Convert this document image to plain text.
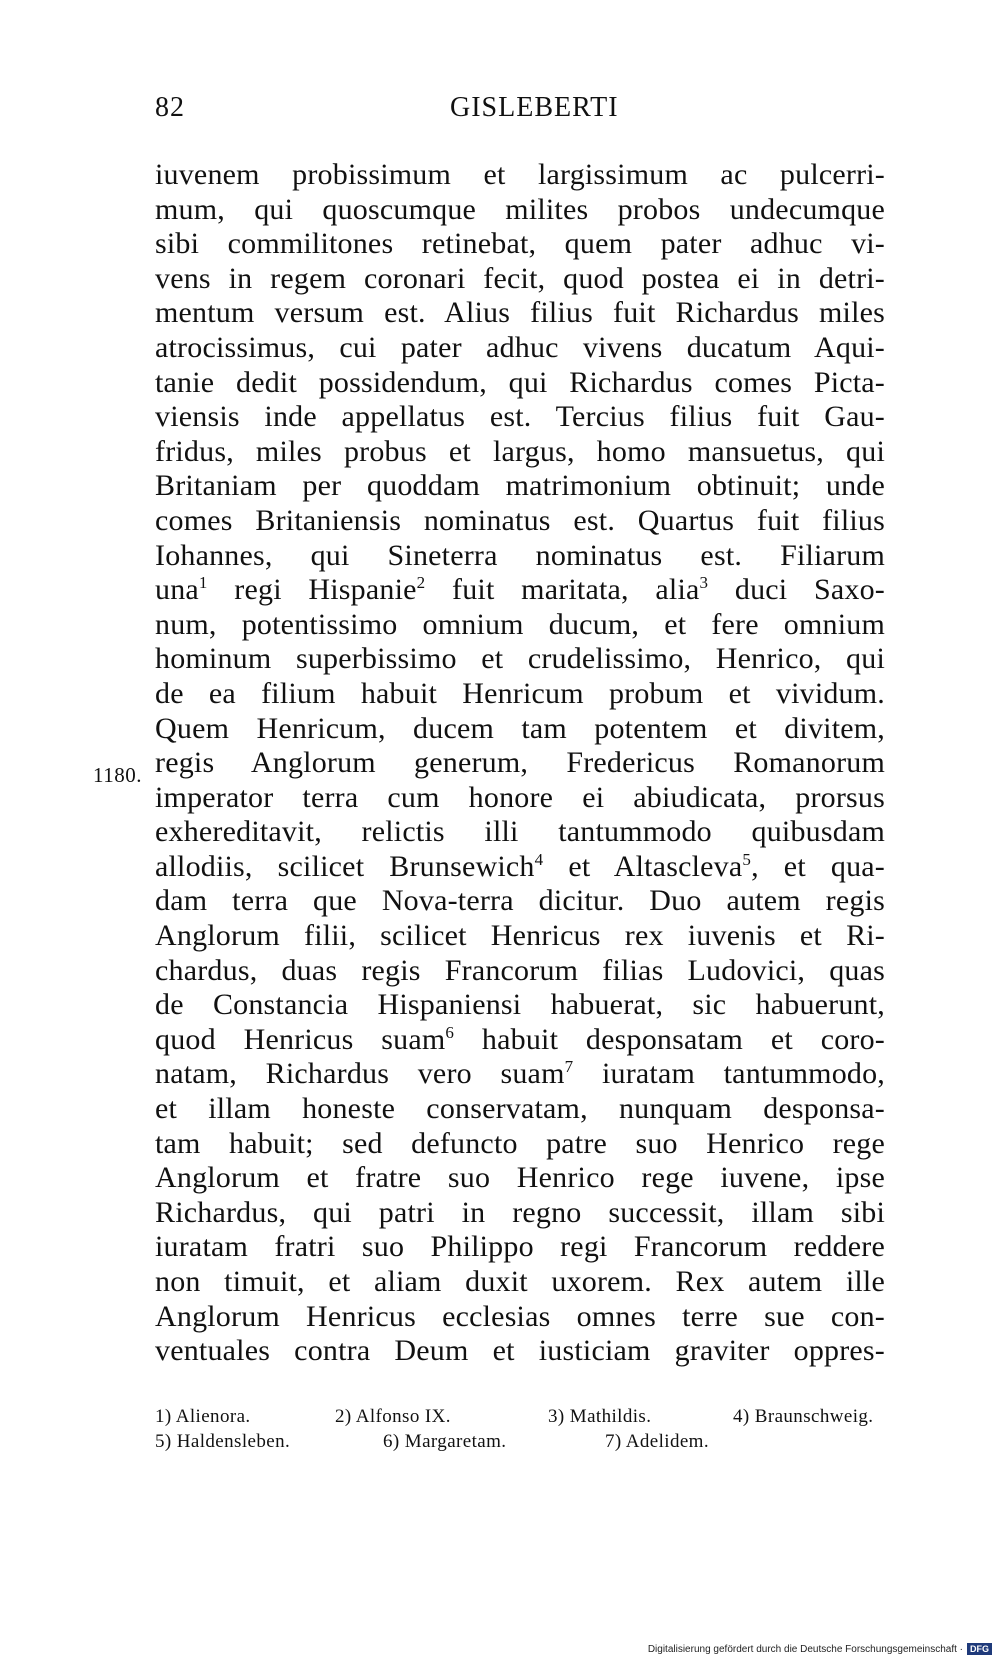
82	GISLEBERTI
1180.
iuvenem probissimum et largissimum ac pulcerri-
mum, qui quoscumque milites probos undecumque
sibi commilitones retinebat, quem pater adhuc vi-
vens in regem coronari fecit, quod postea ei in detri-
mentum versum est. Alius filius fuit Richardus miles
atrocissimus, cui pater adhuc vivens ducatum Aqui-
tanie dedit possidendum, qui Richardus comes Picta-
viensis inde appellatus est. Tercius filius fuit Gau-
fridus, miles probus et largus, homo mansuetus, qui
Britaniam per quoddam matrimonium obtinuit; unde
comes Britaniensis nominatus est. Quartus fuit filius
Iohannes, qui Sineterra nominatus est. Filiarum
una$^1$ regi Hispanie$^2$ fuit maritata, alia$^3$ duci Saxo-
num, potentissimo omnium ducum, et fere omnium
hominum superbissimo et crudelissimo, Henrico, qui
de ea filium habuit Henricum probum et vividum.
Quem Henricum, ducem tam potentem et divitem,
regis Anglorum generum, Fredericus Romanorum
imperator terra cum honore ei abiudicata, prorsus
exhereditavit, relictis illi tantummodo quibusdam
allodiis, scilicet Brunsewich$^4$ et Altascleva$^5$, et qua-
dam terra que Nova-terra dicitur. Duo autem regis
Anglorum filii, scilicet Henricus rex iuvenis et Ri-
chardus, duas regis Francorum filias Ludovici, quas
de Constancia Hispaniensi habuerat, sic habuerunt,
quod Henricus suam$^6$ habuit desponsatam et coro-
natam, Richardus vero suam$^7$ iuratam tantummodo,
et illam honeste conservatam, nunquam desponsa-
tam habuit; sed defuncto patre suo Henrico rege
Anglorum et fratre suo Henrico rege iuvene, ipse
Richardus, qui patri in regno successit, illam sibi
iuratam fratri suo Philippo regi Francorum reddere
non timuit, et aliam duxit uxorem. Rex autem ille
Anglorum Henricus ecclesias omnes terre sue con-
ventuales contra Deum et iusticiam graviter oppres-
1) Alienora.	2) Alfonso IX.	3) Mathildis.	4) Braunschweig.
5) Haldensleben.	6) Margaretam.	7) Adelidem.
Digitalisierung gefördert durch die Deutsche Forschungsgemeinschaft · DFG
